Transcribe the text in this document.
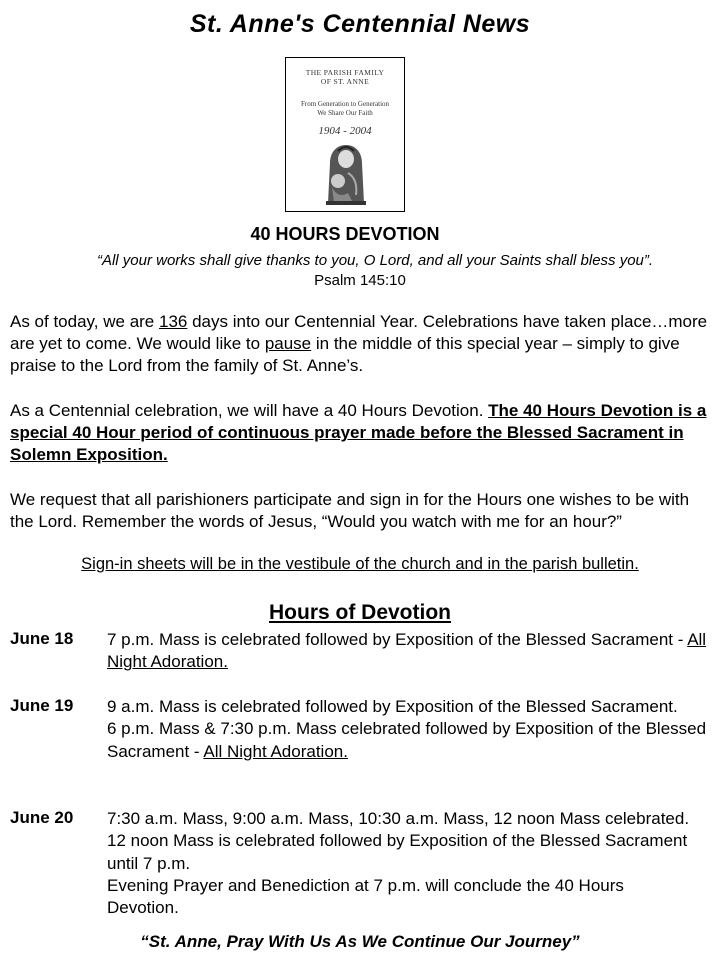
St. Anne's Centennial News
THE PARISH FAMILY
OF ST. ANNE
From Generation to Generation
We Share Our Faith
1904 - 2004
40 HOURS DEVOTION
“All your works shall give thanks to you, O Lord, and all your Saints shall bless you”.
Psalm 145:10
As of today, we are 136 days into our Centennial Year. Celebrations have taken place…more are yet to come. We would like to pause in the middle of this special year – simply to give praise to the Lord from the family of St. Anne’s.
As a Centennial celebration, we will have a 40 Hours Devotion. The 40 Hours Devotion is a special 40 Hour period of continuous prayer made before the Blessed Sacrament in Solemn Exposition.
We request that all parishioners participate and sign in for the Hours one wishes to be with the Lord. Remember the words of Jesus, “Would you watch with me for an hour?”
Sign-in sheets will be in the vestibule of the church and in the parish bulletin.
Hours of Devotion
June 18 7 p.m. Mass is celebrated followed by Exposition of the Blessed Sacrament - All Night Adoration.
June 19 9 a.m. Mass is celebrated followed by Exposition of the Blessed Sacrament.
6 p.m. Mass & 7:30 p.m. Mass celebrated followed by Exposition of the Blessed Sacrament - All Night Adoration.
June 20 7:30 a.m. Mass, 9:00 a.m. Mass, 10:30 a.m. Mass, 12 noon Mass celebrated. 12 noon Mass is celebrated followed by Exposition of the Blessed Sacrament until 7 p.m.
Evening Prayer and Benediction at 7 p.m. will conclude the 40 Hours Devotion.
“St. Anne, Pray With Us As We Continue Our Journey”
